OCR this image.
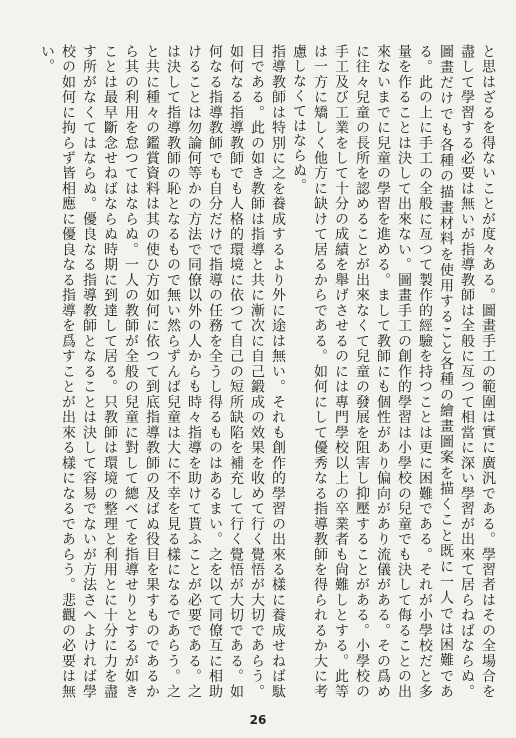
と思はざるを得ないことが度々ある。圖畫手工の範圍は實に廣汎である。學習者はその全場合を盡して學習する必要は無いが指導教師は全般に亙つて相當に深い學習が出來て居らねばならぬ。圖畫だけでも各種の描畫材料を使用すること各種の繪畫圖案を描くこと既に一人では困難である。此の上に手工の全般に亙つて製作的經驗を持つことは更に困難である。それが小學校だと多量を作ることは決して出來ない。圖畫手工の創作的學習は小學校の兒童でも決して侮ることの出來ないまでに兒童の學習を進める。まして教師にも個性があり偏向があり流儀がある。その爲めに往々兒童の長所を認めることが出來なくて兒童の發展を阻害し抑壓することがある。小學校の手工及び工業をして十分の成績を舉げさせるのには專門學校以上の卒業者も尙難しとする。此等は一方に矯しく他方に缺けて居るからである。如何にして優秀なる指導教師を得られるか大に考慮しなくてはならぬ。

指導教師は特別に之を養成するより外に途は無い。それも創作的學習の出來る樣に養成せねば駄目である。此の如き教師は指導と共に漸次に自己鍛成の效果を收めて行く覺悟が大切であらう。如何なる指導教師でも人格的環境に依つて自己の短所缺陷を補充して行く覺悟が大切である。如何なる指導教師でも自分だけで指導の任務を全うし得るものはあるまい。之を以て同僚互に相助けることは勿論何等かの方法で同僚以外の人からも時々指導を助けて貰ふことが必要である。之は決して指導教師の恥となるもので無い然らずんば兒童は大に不幸を見る樣になるであらう。之と共に種々の鑑賞資料は其の使ひ方如何に依つて到底指導教師の及ばぬ役目を果すものであるから其の利用を怠つてはならぬ。一人の教師が全般の兒童に對して總べてを指導せりとするが如きことは最早斷念せねばならぬ時期に到達して居る。只教師は環境の整理と利用とに十分に力を盡す所がなくてはならぬ。優良なる指導教師となることは決して容易でないが方法さへよければ學校の如何に拘らず皆相應に優良なる指導を爲すことが出來る樣になるであらう。悲觀の必要は無い。

26
